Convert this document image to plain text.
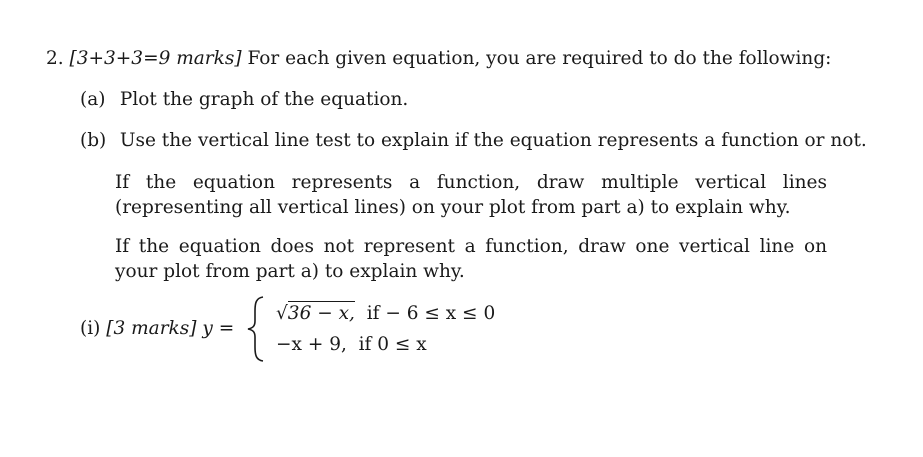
2. [3+3+3=9 marks] For each given equation, you are required to do the following:
(a) Plot the graph of the equation.
(b) Use the vertical line test to explain if the equation represents a function or not.
If the equation represents a function, draw multiple vertical lines (representing all vertical lines) on your plot from part a) to explain why.
If the equation does not represent a function, draw one vertical line on your plot from part a) to explain why.
(i) [3 marks] y =
√36 − x, if − 6 ≤ x ≤ 0
−x + 9, if 0 ≤ x
